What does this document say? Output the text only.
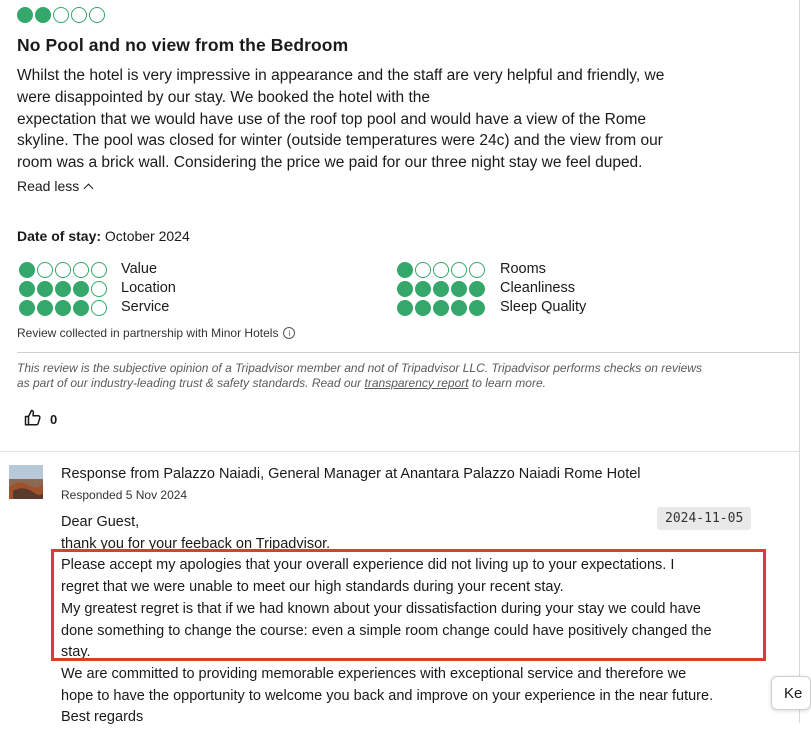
No Pool and no view from the Bedroom
Whilst the hotel is very impressive in appearance and the staff are very helpful and friendly, we
were disappointed by our stay. We booked the hotel with the
expectation that we would have use of the roof top pool and would have a view of the Rome
skyline. The pool was closed for winter (outside temperatures were 24c) and the view from our
room was a brick wall. Considering the price we paid for our three night stay we feel duped.
Read less
Date of stay: October 2024
Value
Location
Service
Rooms
Cleanliness
Sleep Quality
Review collected in partnership with Minor Hotels	i
This review is the subjective opinion of a Tripadvisor member and not of Tripadvisor LLC. Tripadvisor performs checks on reviews
as part of our industry-leading trust & safety standards. Read our transparency report to learn more.
0
Response from Palazzo Naiadi, General Manager at Anantara Palazzo Naiadi Rome Hotel
Responded 5 Nov 2024
Dear Guest,
thank you for your feeback on Tripadvisor.
Please accept my apologies that your overall experience did not living up to your expectations. I
regret that we were unable to meet our high standards during your recent stay.
My greatest regret is that if we had known about your dissatisfaction during your stay we could have
done something to change the course: even a simple room change could have positively changed the
stay.
We are committed to providing memorable experiences with exceptional service and therefore we
hope to have the opportunity to welcome you back and improve on your experience in the near future.
Best regards
2024-11-05
Ke
